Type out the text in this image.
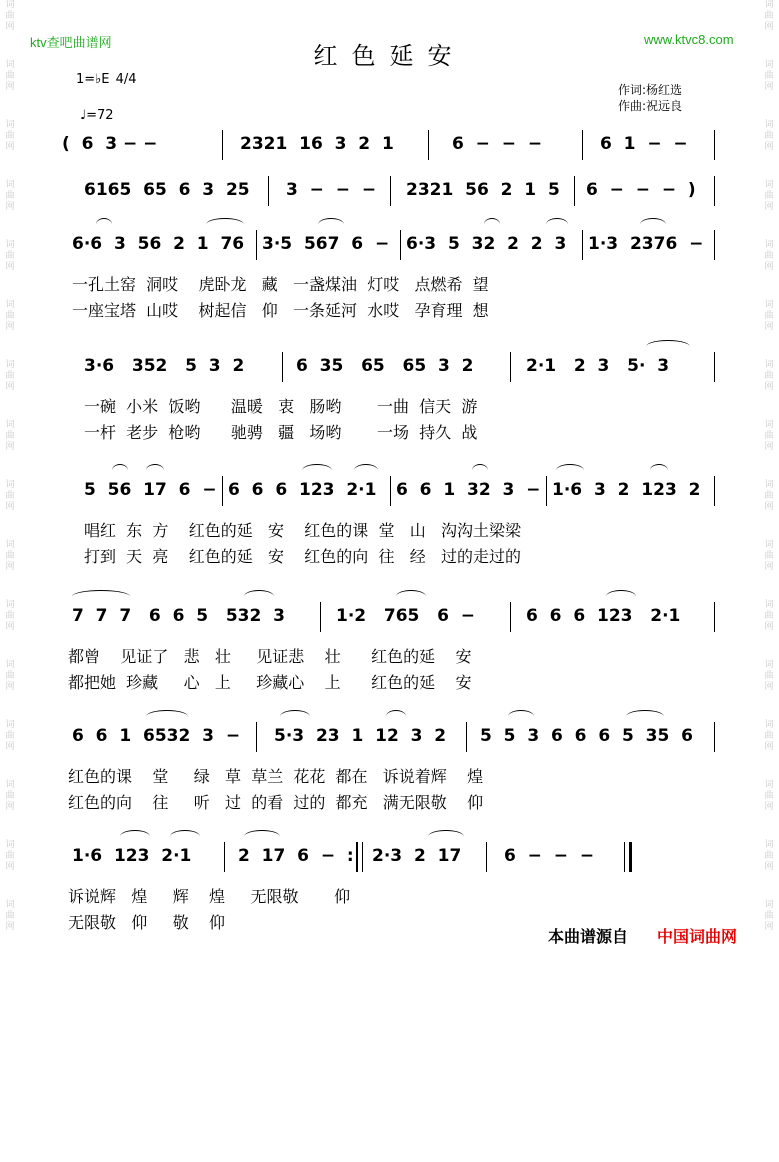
词
曲
网
词
曲
网
词
曲
网
词
曲
网
词
曲
网
词
曲
网
词
曲
网
词
曲
网
词
曲
网
词
曲
网
词
曲
网
词
曲
网
词
曲
网
词
曲
网
词
曲
网
词
曲
网
词
曲
网
词
曲
网
词
曲
网
词
曲
网
词
曲
网
词
曲
网
词
曲
网
词
曲
网
词
曲
网
词
曲
网
词
曲
网
词
曲
网
词
曲
网
词
曲
网
词
曲
网
词
曲
网
ktv查吧曲谱网	www.ktvc8.com
红色延安
1=♭E 4/4
♩=72
作词:杨红选
作曲:祝远良

(  6  3 − −

	2321  16  3  2  1

	6  −  −  −

	6  1  −  −

6165  65  6  3  25

3  −  −  −

2321  56  2  1  5

6  −  −  −  )

6·6  3  56  2  1  76

3·5  567  6  −

6·3  5  32  2  2  3

1·3  2376  −

一孔土窑  洞哎    虎卧龙   藏   一盏煤油  灯哎   点燃希  望
一座宝塔  山哎    树起信   仰   一条延河  水哎   孕育理  想

3·6   352   5  3  2

	6  35   65   65  3  2

	2·1   2  3   5·  3

一碗  小米  饭哟      温暖   衷   肠哟       一曲  信天  游
一杆  老步  枪哟      驰骋   疆   场哟       一场  持久  战

5  56  17  6  −

6  6  6  123  2·1

6  6  1  32  3  −

1·6  3  2  123  2

唱红  东  方    红色的延   安    红色的课  堂   山   沟沟土梁梁
打到  天  亮    红色的延   安    红色的向  往   经   过的走过的

7  7  7   6  6  5   532  3

	1·2   765   6  −

	6  6  6  123   2·1

都曾    见证了   悲   壮     见证悲    壮      红色的延    安
都把她  珍藏     心   上     珍藏心    上      红色的延    安

6  6  1  6532  3  −

5·3  23  1  12  3  2

5  5  3  6  6  6  5  35  6

红色的课    堂     绿   草  草兰  花花  都在   诉说着辉    煌
红色的向    往     听   过  的看  过的  都充   满无限敬    仰

1·6  123  2·1

	2  17  6  −  :

2·3  2  17

	6  −  −  −

诉说辉   煌     辉    煌     无限敬       仰
无限敬   仰     敬    仰
本曲谱源自 中国词曲网
